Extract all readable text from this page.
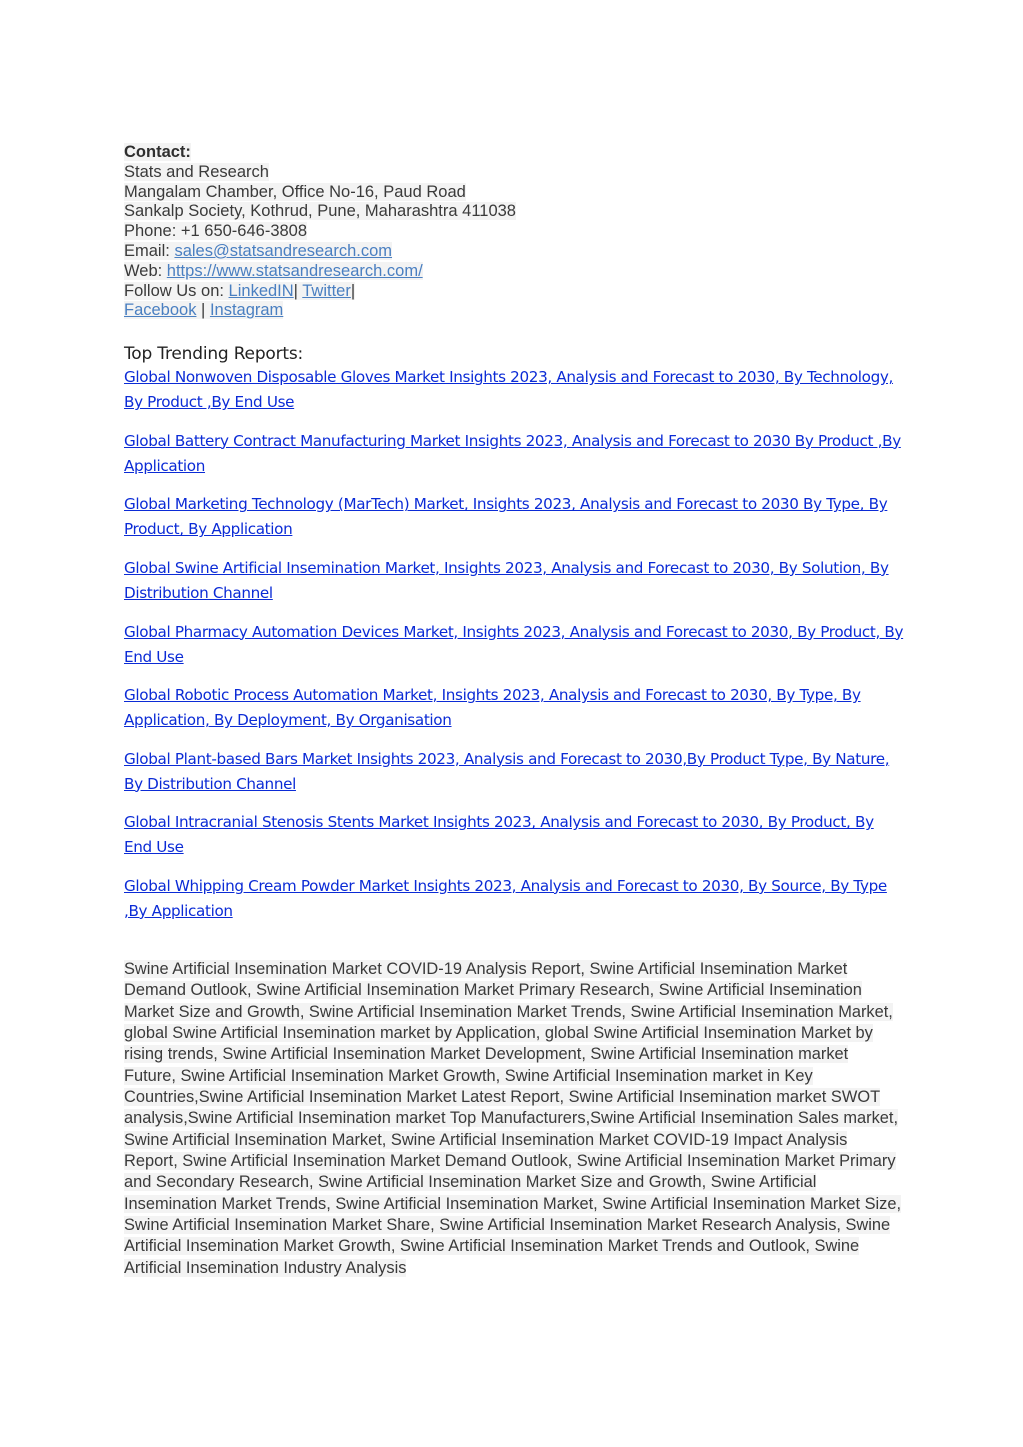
Contact:
Stats and Research
Mangalam Chamber, Office No-16, Paud Road
Sankalp Society, Kothrud, Pune, Maharashtra 411038
Phone: +1 650-646-3808
Email: sales@statsandresearch.com
Web: https://www.statsandresearch.com/
Follow Us on: LinkedIN| Twitter|
Facebook | Instagram
Top Trending Reports:
Global Nonwoven Disposable Gloves Market Insights 2023, Analysis and Forecast to 2030, By Technology, By Product ,By End Use
Global Battery Contract Manufacturing Market Insights 2023, Analysis and Forecast to 2030 By Product ,By Application
Global Marketing Technology (MarTech) Market, Insights 2023, Analysis and Forecast to 2030 By Type, By Product, By Application
Global Swine Artificial Insemination Market, Insights 2023, Analysis and Forecast to 2030, By Solution, By Distribution Channel
Global Pharmacy Automation Devices Market, Insights 2023, Analysis and Forecast to 2030, By Product, By End Use
Global Robotic Process Automation Market, Insights 2023, Analysis and Forecast to 2030, By Type, By Application, By Deployment, By Organisation
Global Plant-based Bars Market Insights 2023, Analysis and Forecast to 2030,By Product Type, By Nature, By Distribution Channel
Global Intracranial Stenosis Stents Market Insights 2023, Analysis and Forecast to 2030, By Product, By End Use
Global Whipping Cream Powder Market Insights 2023, Analysis and Forecast to 2030, By Source, By Type ,By Application
Swine Artificial Insemination Market COVID-19 Analysis Report, Swine Artificial Insemination Market Demand Outlook, Swine Artificial Insemination Market Primary Research, Swine Artificial Insemination Market Size and Growth, Swine Artificial Insemination Market Trends, Swine Artificial Insemination Market, global Swine Artificial Insemination market by Application, global Swine Artificial Insemination Market by rising trends, Swine Artificial Insemination Market Development, Swine Artificial Insemination market Future, Swine Artificial Insemination Market Growth, Swine Artificial Insemination market in Key Countries,Swine Artificial Insemination Market Latest Report, Swine Artificial Insemination market SWOT analysis,Swine Artificial Insemination market Top Manufacturers,Swine Artificial Insemination Sales market, Swine Artificial Insemination Market, Swine Artificial Insemination Market COVID-19 Impact Analysis Report, Swine Artificial Insemination Market Demand Outlook, Swine Artificial Insemination Market Primary and Secondary Research, Swine Artificial Insemination Market Size and Growth, Swine Artificial Insemination Market Trends, Swine Artificial Insemination Market, Swine Artificial Insemination Market Size, Swine Artificial Insemination Market Share, Swine Artificial Insemination Market Research Analysis, Swine Artificial Insemination Market Growth, Swine Artificial Insemination Market Trends and Outlook, Swine Artificial Insemination Industry Analysis
